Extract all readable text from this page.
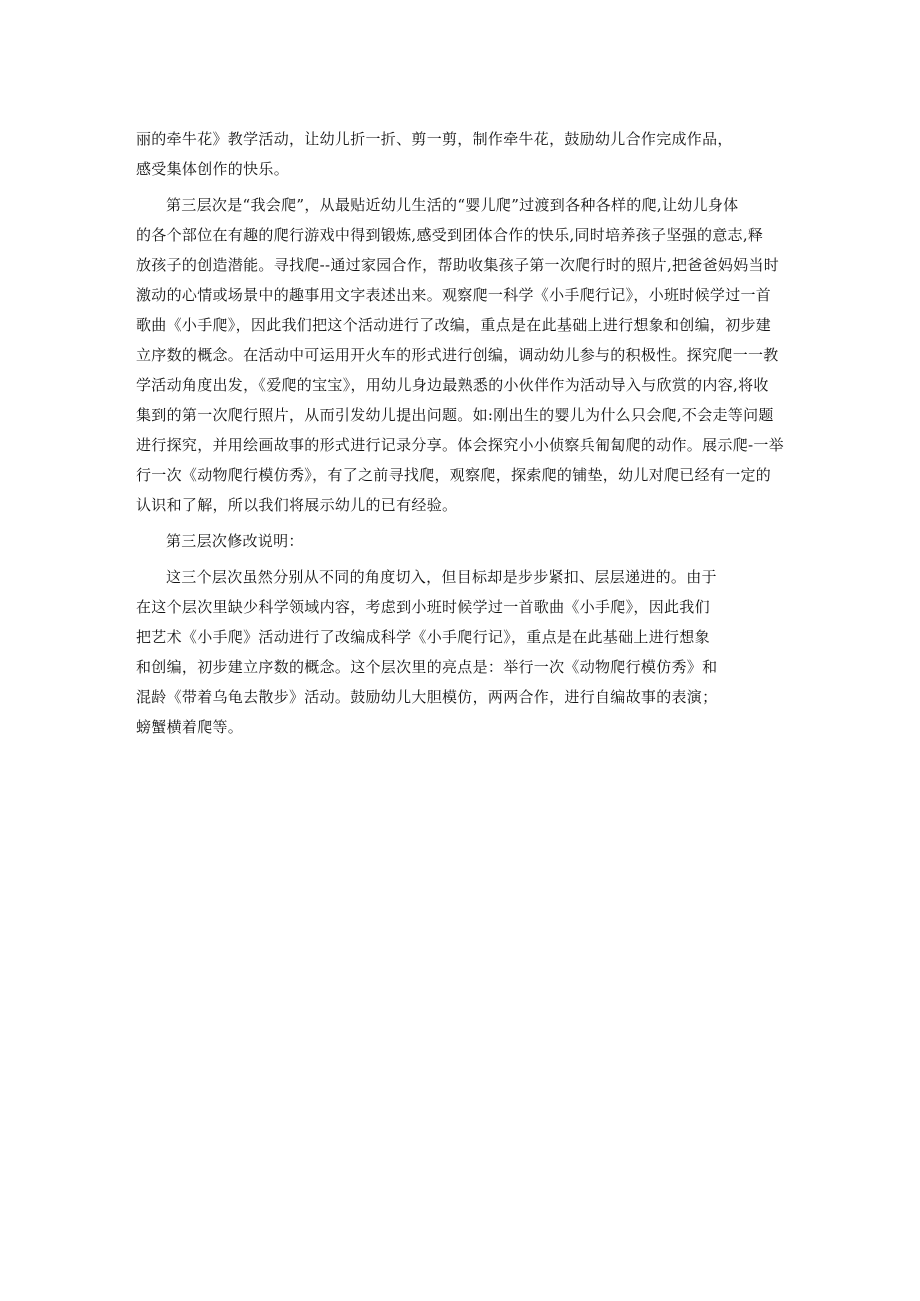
丽的牵牛花》教学活动，让幼儿折一折、剪一剪，制作牵牛花，鼓励幼儿合作完成作品，
感受集体创作的快乐。

第三层次是“我会爬”，从最贴近幼儿生活的“婴儿爬”过渡到各种各样的爬,让幼儿身体
的各个部位在有趣的爬行游戏中得到锻炼,感受到团体合作的快乐,同时培养孩子坚强的意志,释
放孩子的创造潜能。寻找爬--通过家园合作，帮助收集孩子第一次爬行时的照片,把爸爸妈妈当时
激动的心情或场景中的趣事用文字表述出来。观察爬一科学《小手爬行记》，小班时候学过一首
歌曲《小手爬》，因此我们把这个活动进行了改编，重点是在此基础上进行想象和创编，初步建
立序数的概念。在活动中可运用开火车的形式进行创编，调动幼儿参与的积极性。探究爬一一教
学活动角度出发，《爱爬的宝宝》，用幼儿身边最熟悉的小伙伴作为活动导入与欣赏的内容,将收
集到的第一次爬行照片，从而引发幼儿提出问题。如:刚出生的婴儿为什么只会爬,不会走等问题
进行探究，并用绘画故事的形式进行记录分享。体会探究小小侦察兵匍匐爬的动作。展示爬-一举
行一次《动物爬行模仿秀》，有了之前寻找爬，观察爬，探索爬的铺垫，幼儿对爬已经有一定的
认识和了解，所以我们将展示幼儿的已有经验。

第三层次修改说明：

这三个层次虽然分别从不同的角度切入，但目标却是步步紧扣、层层递进的。由于
在这个层次里缺少科学领域内容，考虑到小班时候学过一首歌曲《小手爬》，因此我们
把艺术《小手爬》活动进行了改编成科学《小手爬行记》，重点是在此基础上进行想象
和创编，初步建立序数的概念。这个层次里的亮点是：举行一次《动物爬行模仿秀》和
混龄《带着乌龟去散步》活动。鼓励幼儿大胆模仿，两两合作，进行自编故事的表演；
螃蟹横着爬等。
